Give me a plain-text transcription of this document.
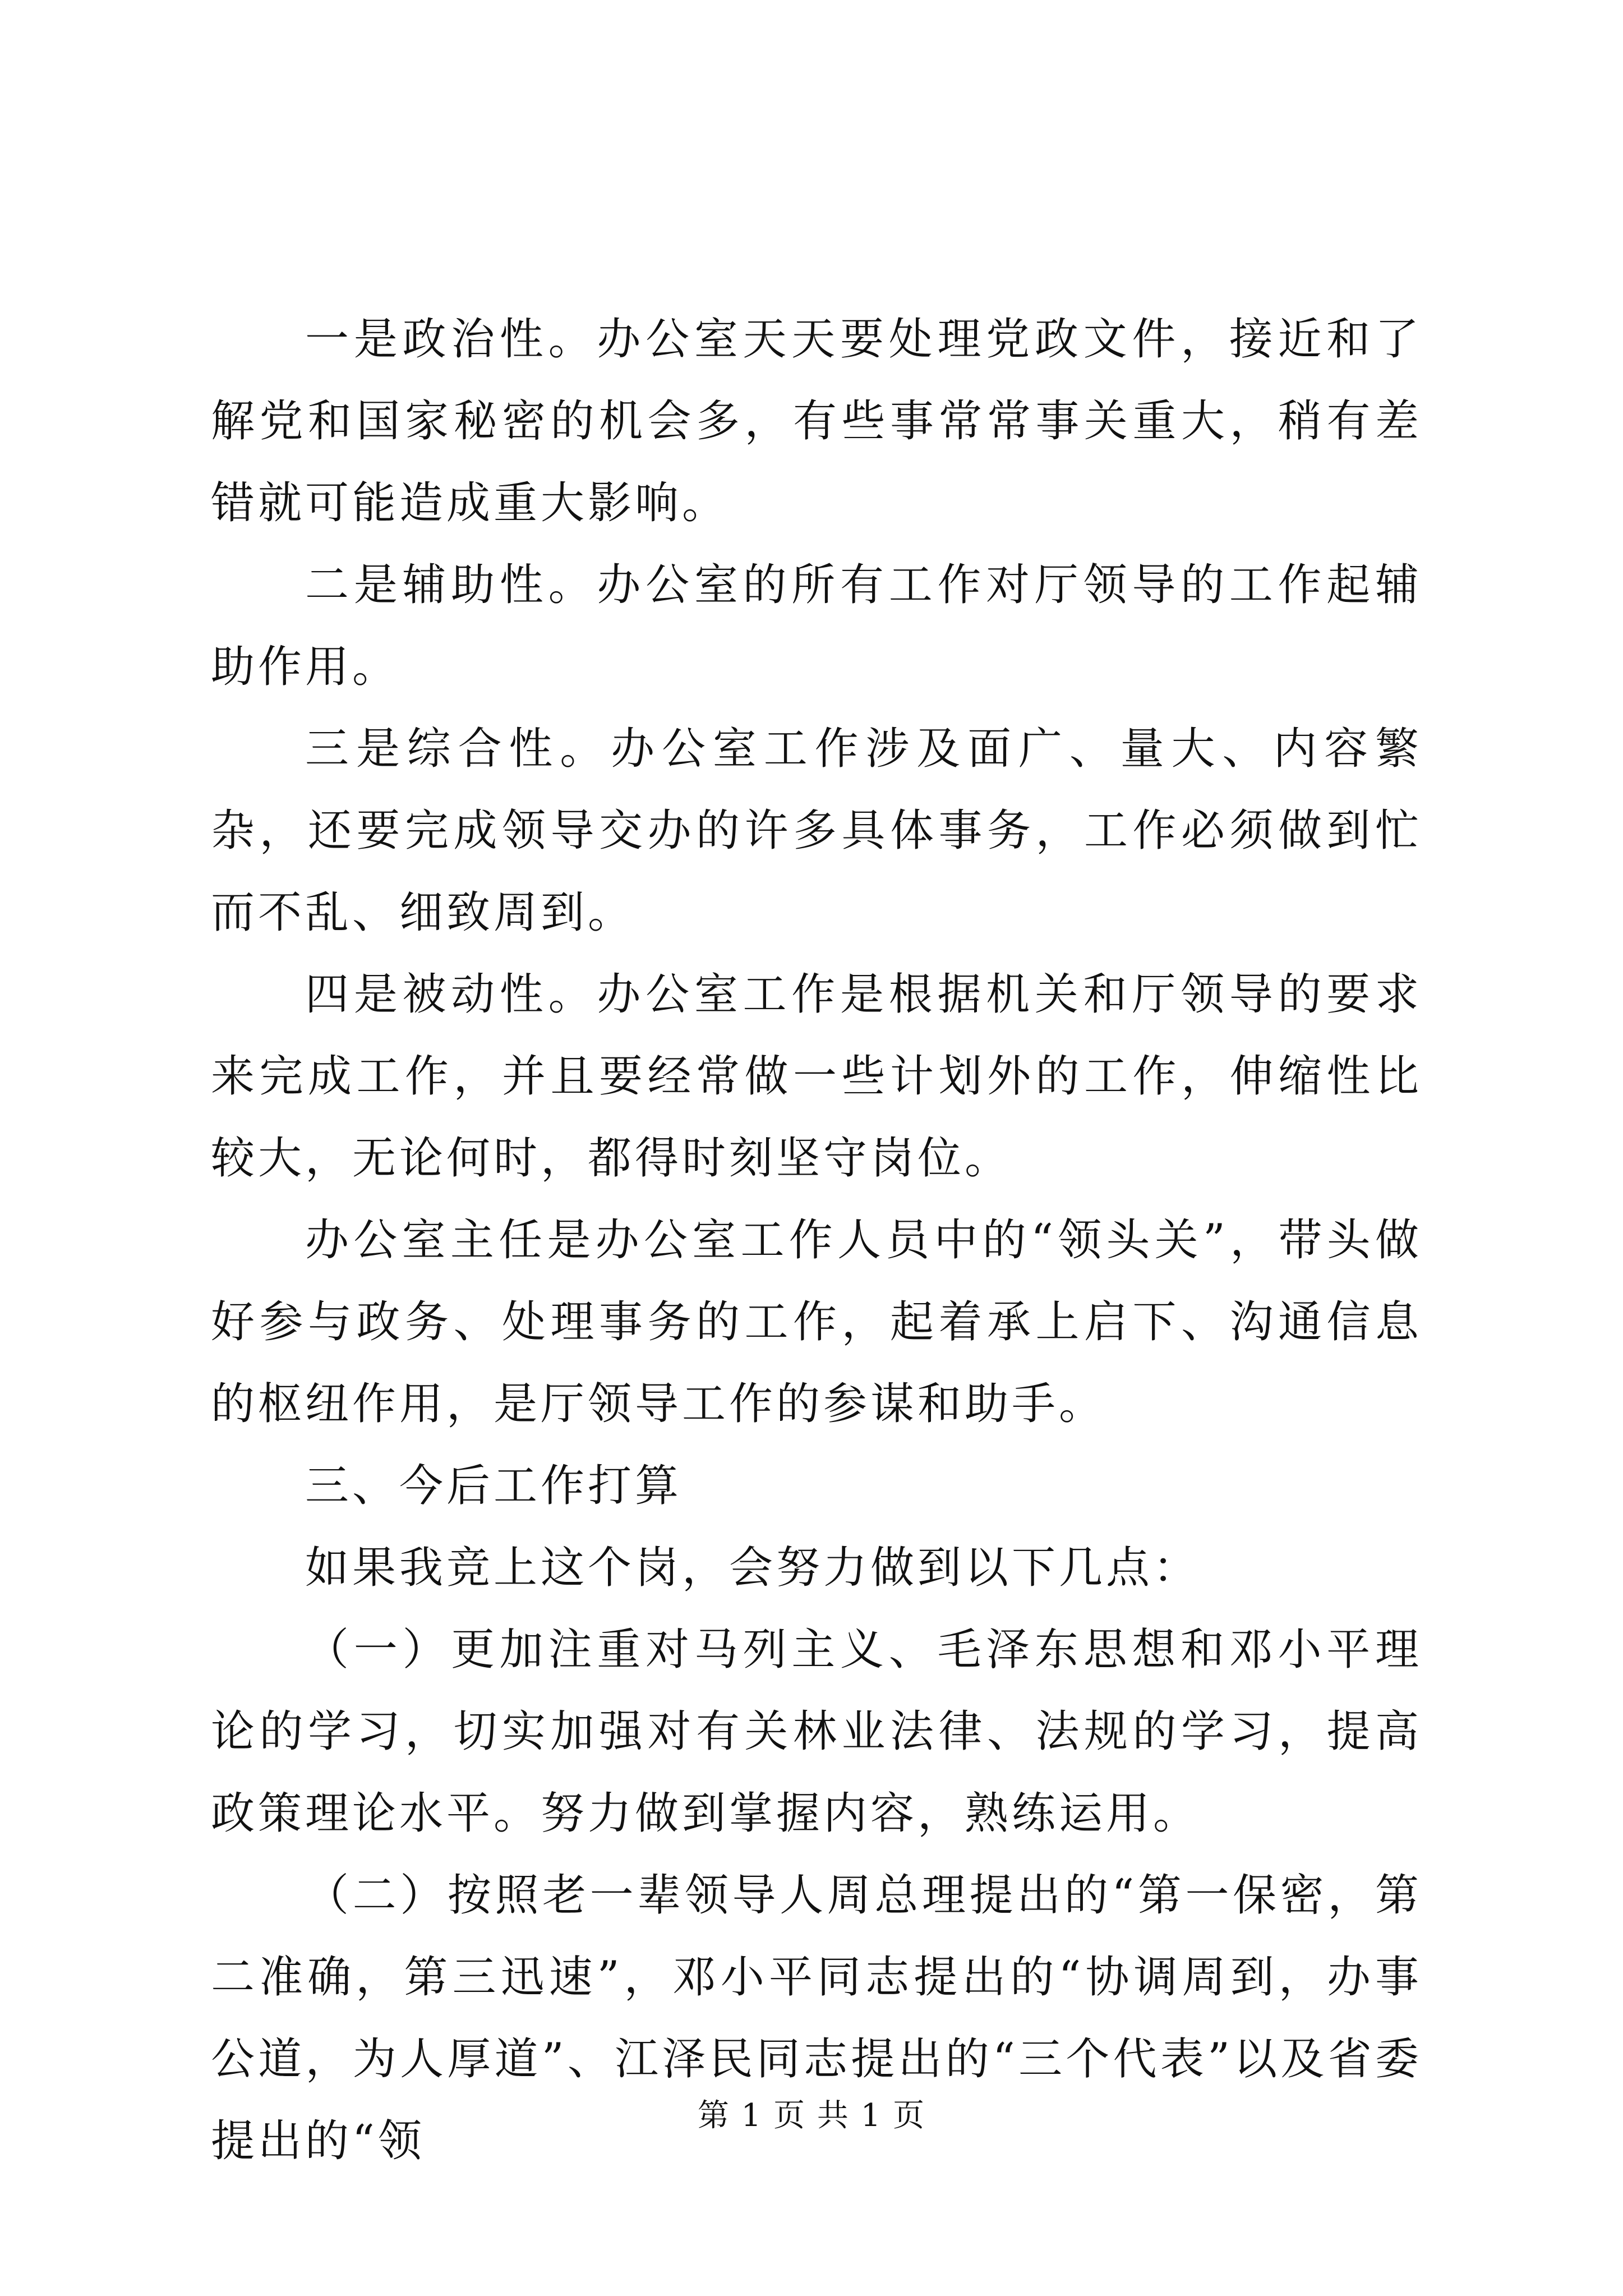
一是政治性。办公室天天要处理党政文件，接近和了解党和国家秘密的机会多，有些事常常事关重大，稍有差错就可能造成重大影响。

二是辅助性。办公室的所有工作对厅领导的工作起辅助作用。

三是综合性。办公室工作涉及面广、量大、内容繁杂，还要完成领导交办的许多具体事务，工作必须做到忙而不乱、细致周到。

四是被动性。办公室工作是根据机关和厅领导的要求来完成工作，并且要经常做一些计划外的工作，伸缩性比较大，无论何时，都得时刻坚守岗位。

办公室主任是办公室工作人员中的“领头关”，带头做好参与政务、处理事务的工作，起着承上启下、沟通信息的枢纽作用，是厅领导工作的参谋和助手。

三、今后工作打算

如果我竞上这个岗，会努力做到以下几点：

（一）更加注重对马列主义、毛泽东思想和邓小平理论的学习，切实加强对有关林业法律、法规的学习，提高政策理论水平。努力做到掌握内容，熟练运用。

（二）按照老一辈领导人周总理提出的“第一保密，第二准确，第三迅速”，邓小平同志提出的“协调周到，办事公道，为人厚道”、江泽民同志提出的“三个代表”以及省委提出的“领

第 1 页 共 1 页
